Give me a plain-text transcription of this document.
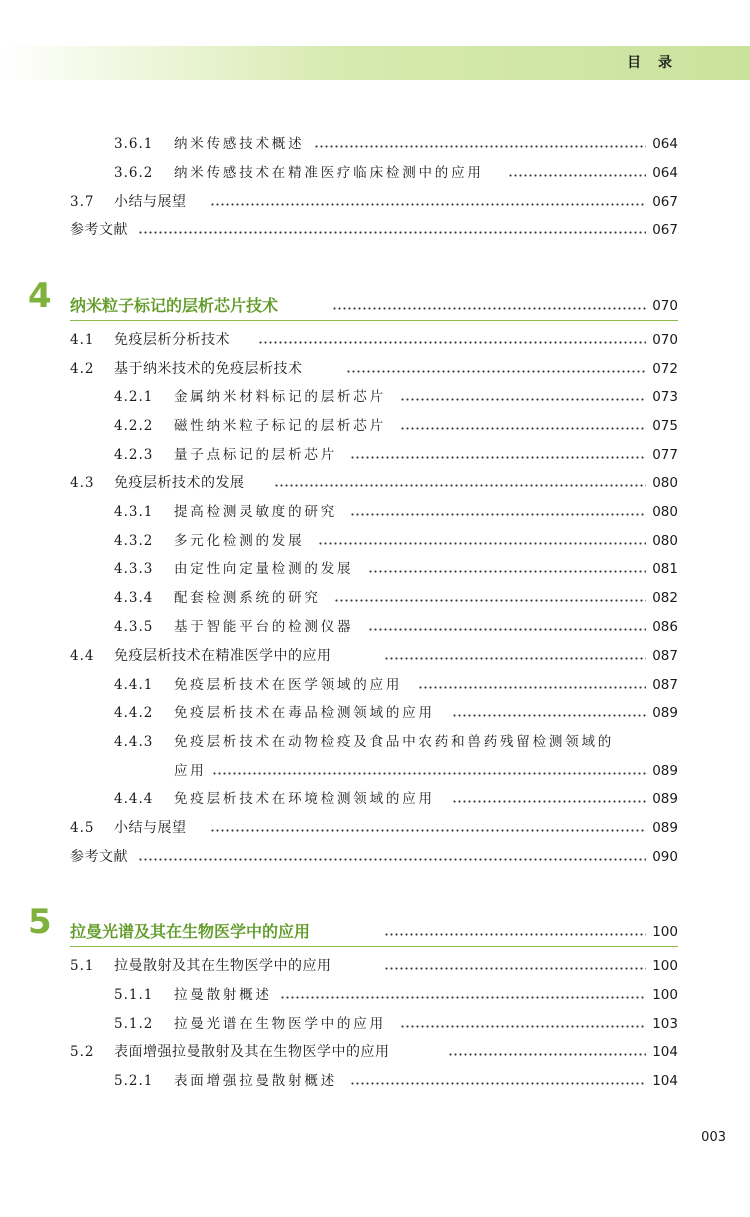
目 录
3.6.1 纳米传感技术概述	064
3.6.2 纳米传感技术在精准医疗临床检测中的应用	064
3.7 小结与展望	067
参考文献	067
4 纳米粒子标记的层析芯片技术	070
4.1 免疫层析分析技术	070
4.2 基于纳米技术的免疫层析技术	072
4.2.1 金属纳米材料标记的层析芯片	073
4.2.2 磁性纳米粒子标记的层析芯片	075
4.2.3 量子点标记的层析芯片	077
4.3 免疫层析技术的发展	080
4.3.1 提高检测灵敏度的研究	080
4.3.2 多元化检测的发展	080
4.3.3 由定性向定量检测的发展	081
4.3.4 配套检测系统的研究	082
4.3.5 基于智能平台的检测仪器	086
4.4 免疫层析技术在精准医学中的应用	087
4.4.1 免疫层析技术在医学领域的应用	087
4.4.2 免疫层析技术在毒品检测领域的应用	089
4.4.3 免疫层析技术在动物检疫及食品中农药和兽药残留检测领域的
应用	089
4.4.4 免疫层析技术在环境检测领域的应用	089
4.5 小结与展望	089
参考文献	090
5 拉曼光谱及其在生物医学中的应用	100
5.1 拉曼散射及其在生物医学中的应用	100
5.1.1 拉曼散射概述	100
5.1.2 拉曼光谱在生物医学中的应用	103
5.2 表面增强拉曼散射及其在生物医学中的应用	104
5.2.1 表面增强拉曼散射概述	104
003
